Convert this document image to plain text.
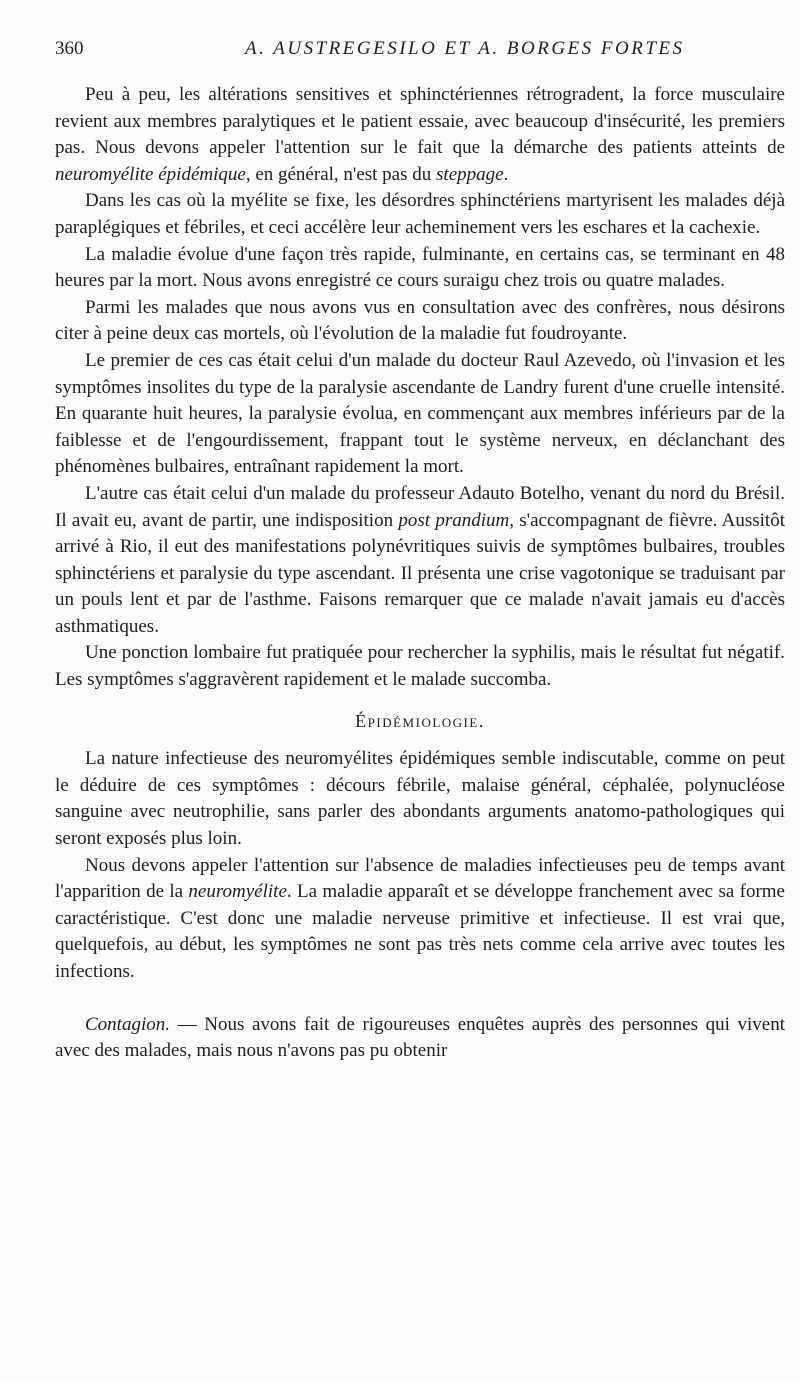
360	A. AUSTREGESILO ET A. BORGES FORTES

Peu à peu, les altérations sensitives et sphinctériennes rétrogradent, la force musculaire revient aux membres paralytiques et le patient essaie, avec beaucoup d'insécurité, les premiers pas. Nous devons appeler l'attention sur le fait que la démarche des patients atteints de neuromyélite épidémique, en général, n'est pas du steppage.

Dans les cas où la myélite se fixe, les désordres sphinctériens martyrisent les malades déjà paraplégiques et fébriles, et ceci accélère leur acheminement vers les eschares et la cachexie.

La maladie évolue d'une façon très rapide, fulminante, en certains cas, se terminant en 48 heures par la mort. Nous avons enregistré ce cours suraigu chez trois ou quatre malades.

Parmi les malades que nous avons vus en consultation avec des confrères, nous désirons citer à peine deux cas mortels, où l'évolution de la maladie fut foudroyante.

Le premier de ces cas était celui d'un malade du docteur Raul Azevedo, où l'invasion et les symptômes insolites du type de la paralysie ascendante de Landry furent d'une cruelle intensité. En quarante huit heures, la paralysie évolua, en commençant aux membres inférieurs par de la faiblesse et de l'engourdissement, frappant tout le système nerveux, en déclanchant des phénomènes bulbaires, entraînant rapidement la mort.

L'autre cas était celui d'un malade du professeur Adauto Botelho, venant du nord du Brésil. Il avait eu, avant de partir, une indisposition post prandium, s'accompagnant de fièvre. Aussitôt arrivé à Rio, il eut des manifestations polynévritiques suivis de symptômes bulbaires, troubles sphinctériens et paralysie du type ascendant. Il présenta une crise vagotonique se traduisant par un pouls lent et par de l'asthme. Faisons remarquer que ce malade n'avait jamais eu d'accès asthmatiques.

Une ponction lombaire fut pratiquée pour rechercher la syphilis, mais le résultat fut négatif. Les symptômes s'aggravèrent rapidement et le malade succomba.

Épidémiologie.

La nature infectieuse des neuromyélites épidémiques semble indiscutable, comme on peut le déduire de ces symptômes : décours fébrile, malaise général, céphalée, polynucléose sanguine avec neutrophilie, sans parler des abondants arguments anatomo-pathologiques qui seront exposés plus loin.

Nous devons appeler l'attention sur l'absence de maladies infectieuses peu de temps avant l'apparition de la neuromyélite. La maladie apparaît et se développe franchement avec sa forme caractéristique. C'est donc une maladie nerveuse primitive et infectieuse. Il est vrai que, quelquefois, au début, les symptômes ne sont pas très nets comme cela arrive avec toutes les infections.

Contagion. — Nous avons fait de rigoureuses enquêtes auprès des personnes qui vivent avec des malades, mais nous n'avons pas pu obtenir
